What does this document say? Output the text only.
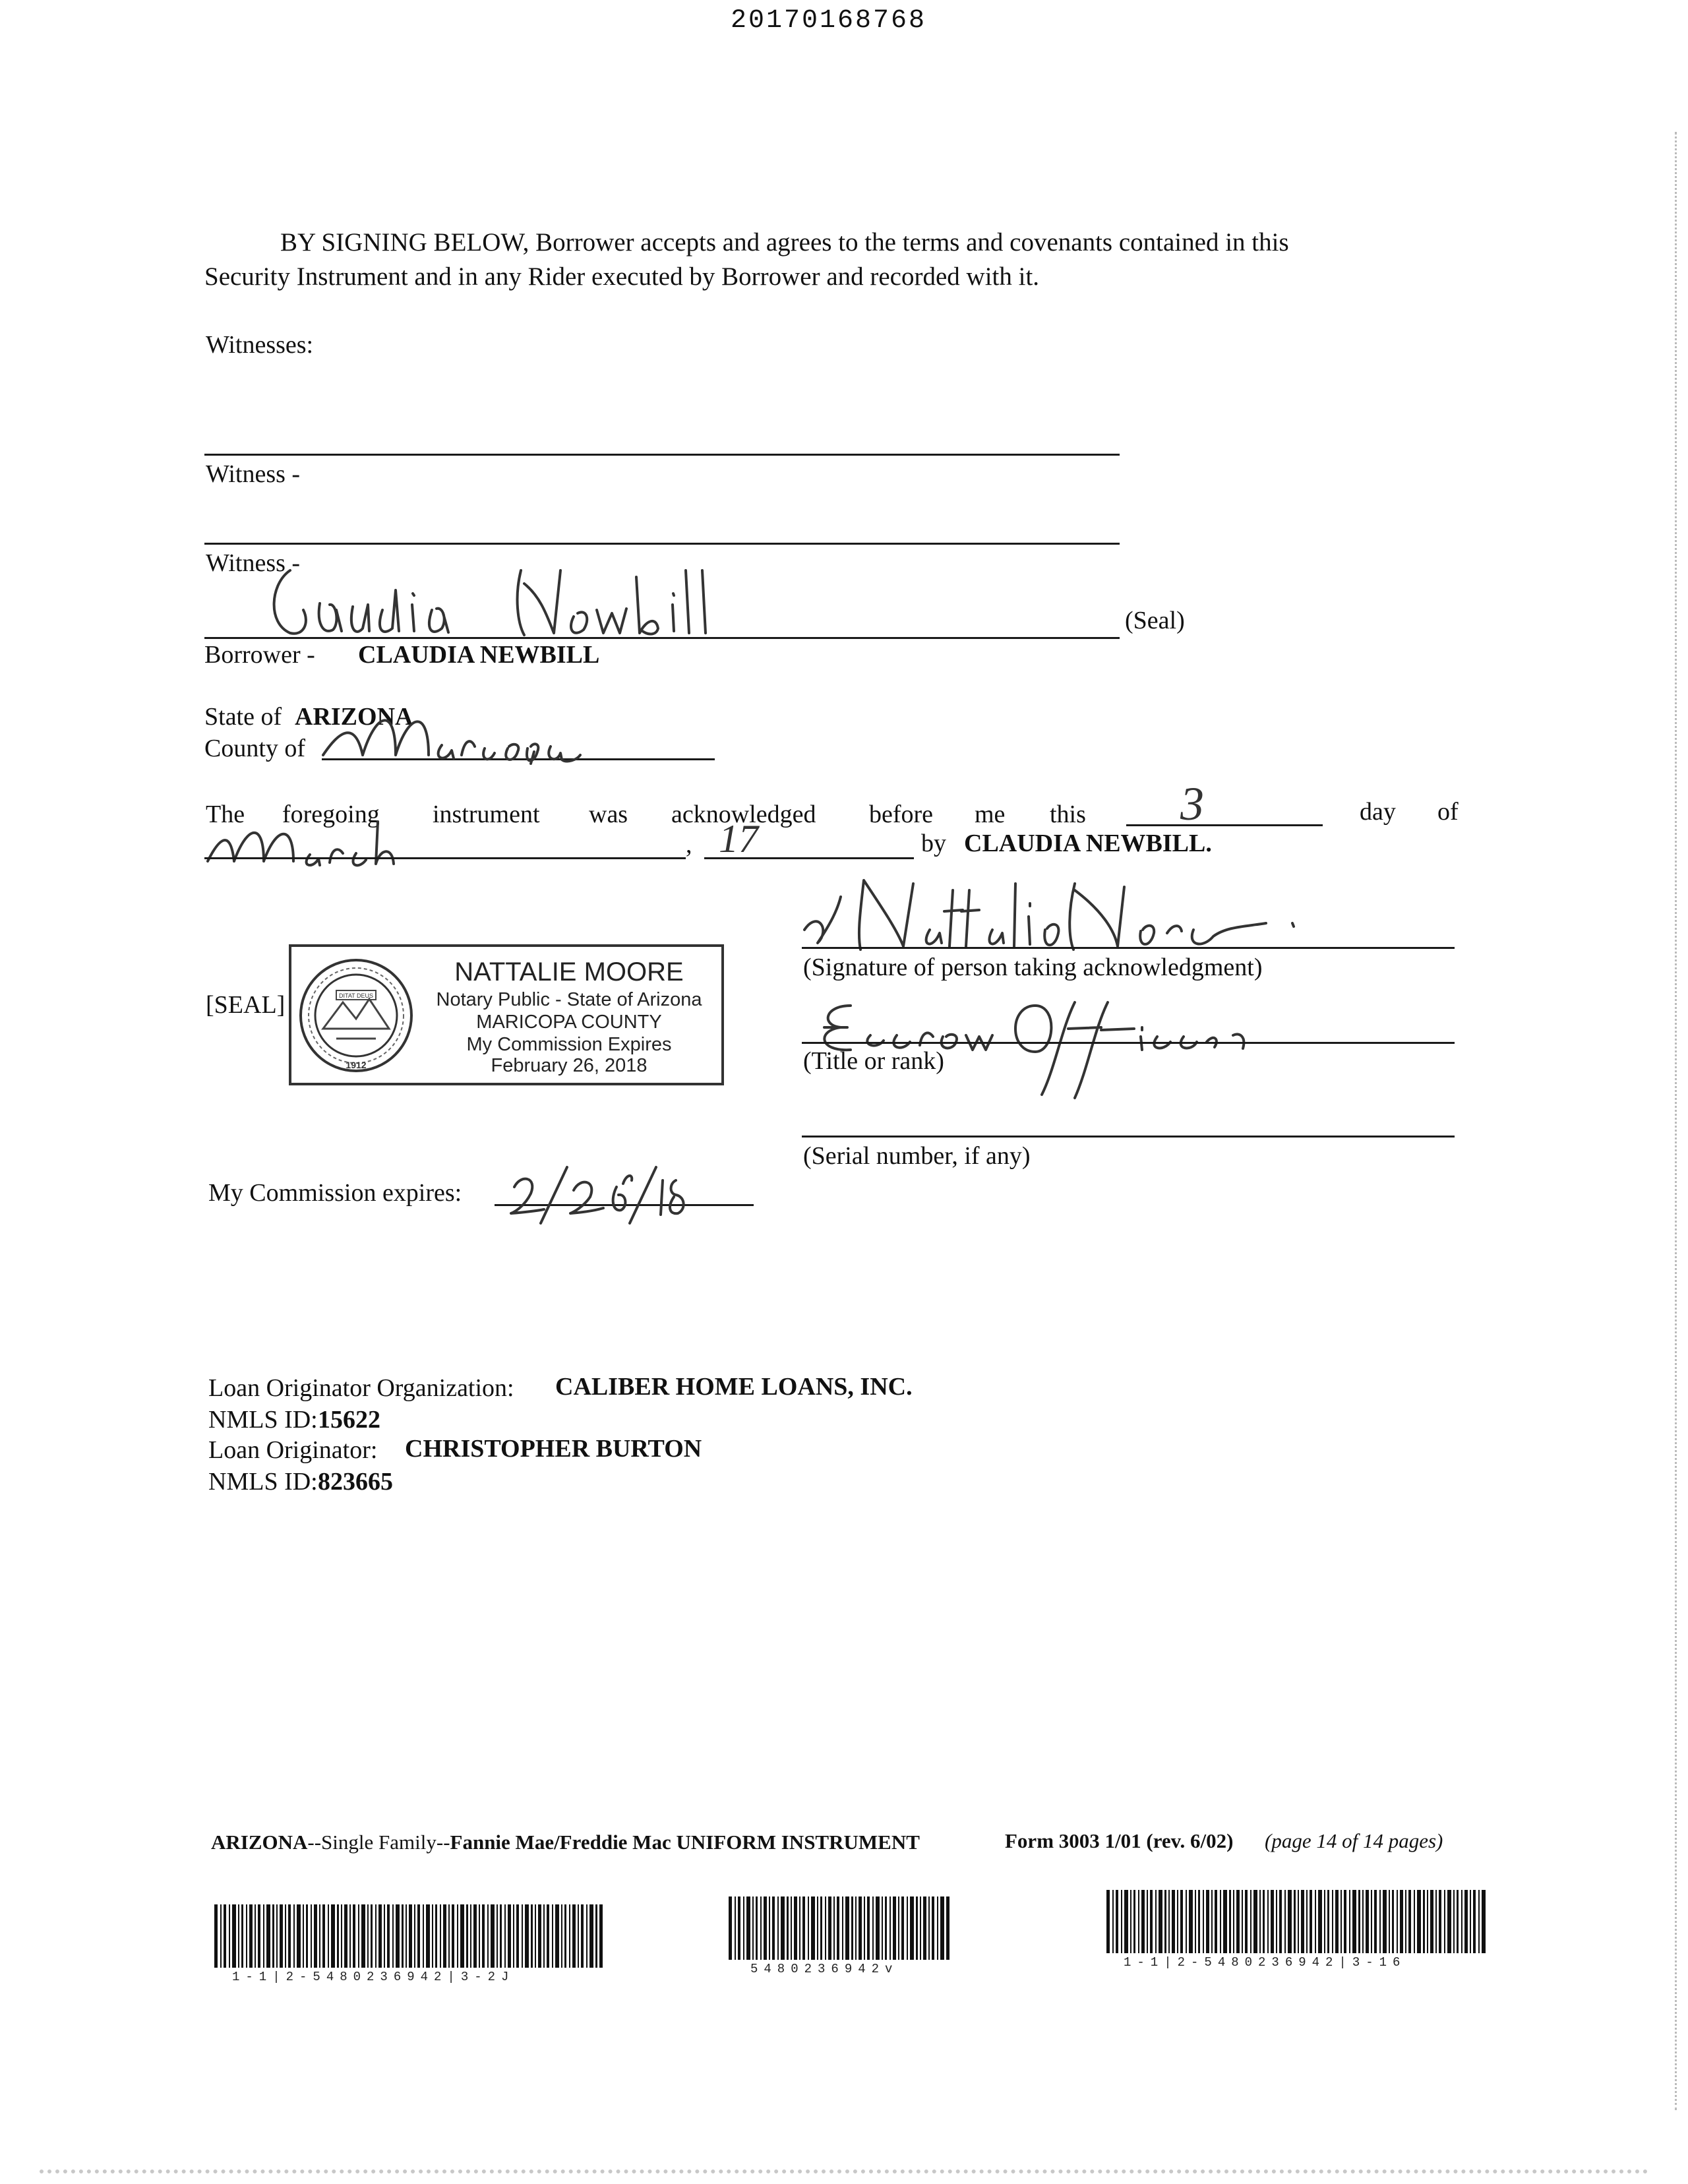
20170168768
BY SIGNING BELOW, Borrower accepts and agrees to the terms and covenants contained in this
Security Instrument and in any Rider executed by Borrower and recorded with it.
Witnesses:
Witness -
Witness -
(Seal)
Borrower - CLAUDIA NEWBILL
State of ARIZONA
County of
The foregoing instrument was acknowledged before me this 3	day of
, 17	by CLAUDIA NEWBILL.
(Signature of person taking acknowledgment)
[SEAL]	DITAT DEUS
1912
NATTALIE MOORE
Notary Public - State of Arizona
MARICOPA COUNTY
My Commission Expires
February 26, 2018	(Title or rank)
(Serial number, if any)
My Commission expires:
Loan Originator Organization: CALIBER HOME LOANS, INC.
NMLS ID: 15622
Loan Originator: CHRISTOPHER BURTON
NMLS ID: 823665
ARIZONA--Single Family--Fannie Mae/Freddie Mac UNIFORM INSTRUMENT	Form 3003 1/01 (rev. 6/02) (page 14 of 14 pages)
1-1|2-5480236942|3-2J
5480236942v	1-1|2-5480236942|3-16
